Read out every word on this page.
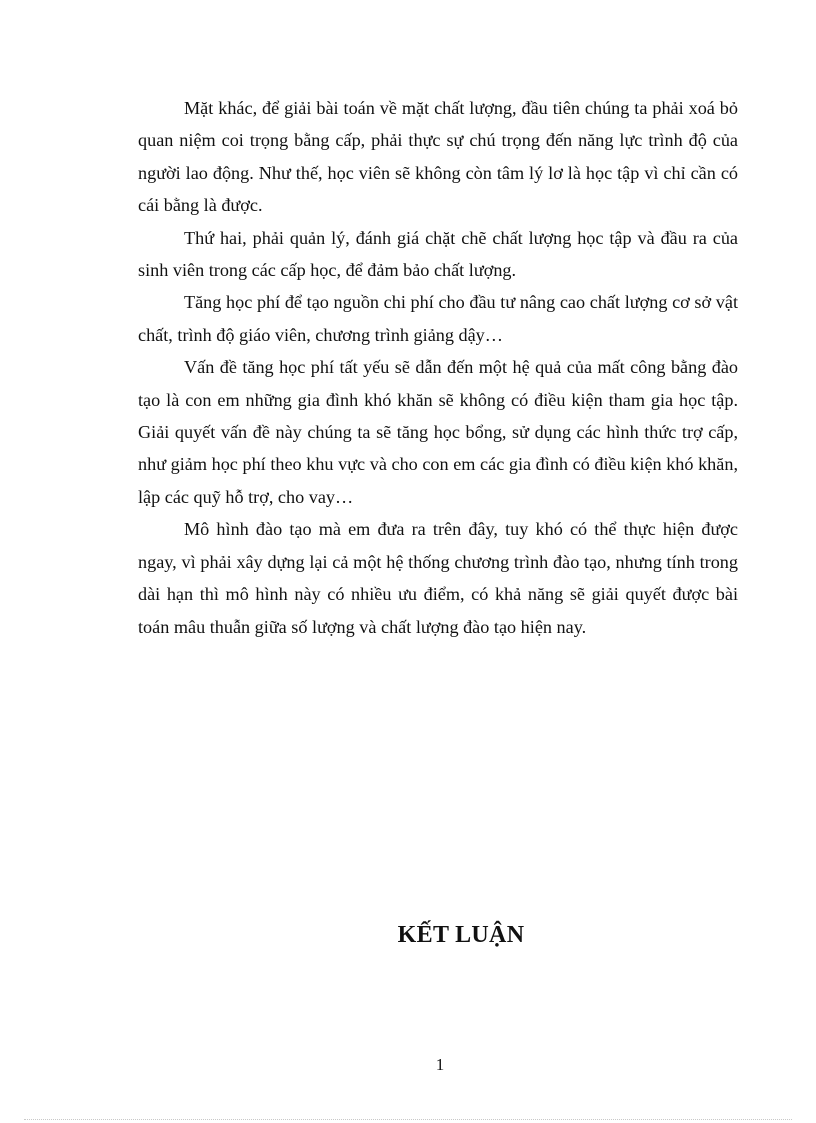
Mặt khác, để giải bài toán về mặt chất lượng, đầu tiên chúng ta phải xoá bỏ quan niệm coi trọng bằng cấp, phải thực sự chú trọng đến năng lực trình độ của người lao động. Như thế, học viên sẽ không còn tâm lý lơ là học tập vì chỉ cần có cái bằng là được.

Thứ hai, phải quản lý, đánh giá chặt chẽ chất lượng học tập và đầu ra của sinh viên trong các cấp học, để đảm bảo chất lượng.

Tăng học phí để tạo nguồn chi phí cho đầu tư nâng cao chất lượng cơ sở vật chất, trình độ giáo viên, chương trình giảng dậy…

Vấn đề tăng học phí tất yếu sẽ dẫn đến một hệ quả của mất công bằng đào tạo là con em những gia đình khó khăn sẽ không có điều kiện tham gia học tập. Giải quyết vấn đề này chúng ta sẽ tăng học bổng, sử dụng các hình thức trợ cấp, như giảm học phí theo khu vực và cho con em các gia đình có điều kiện khó khăn, lập các quỹ hỗ trợ, cho vay…

Mô hình đào tạo mà em đưa ra trên đây, tuy khó có thể thực hiện được ngay, vì phải xây dựng lại cả một hệ thống chương trình đào tạo, nhưng tính trong dài hạn thì mô hình này có nhiều ưu điểm, có khả năng sẽ giải quyết được bài toán mâu thuẫn giữa số lượng và chất lượng đào tạo hiện nay.

KẾT LUẬN
1
